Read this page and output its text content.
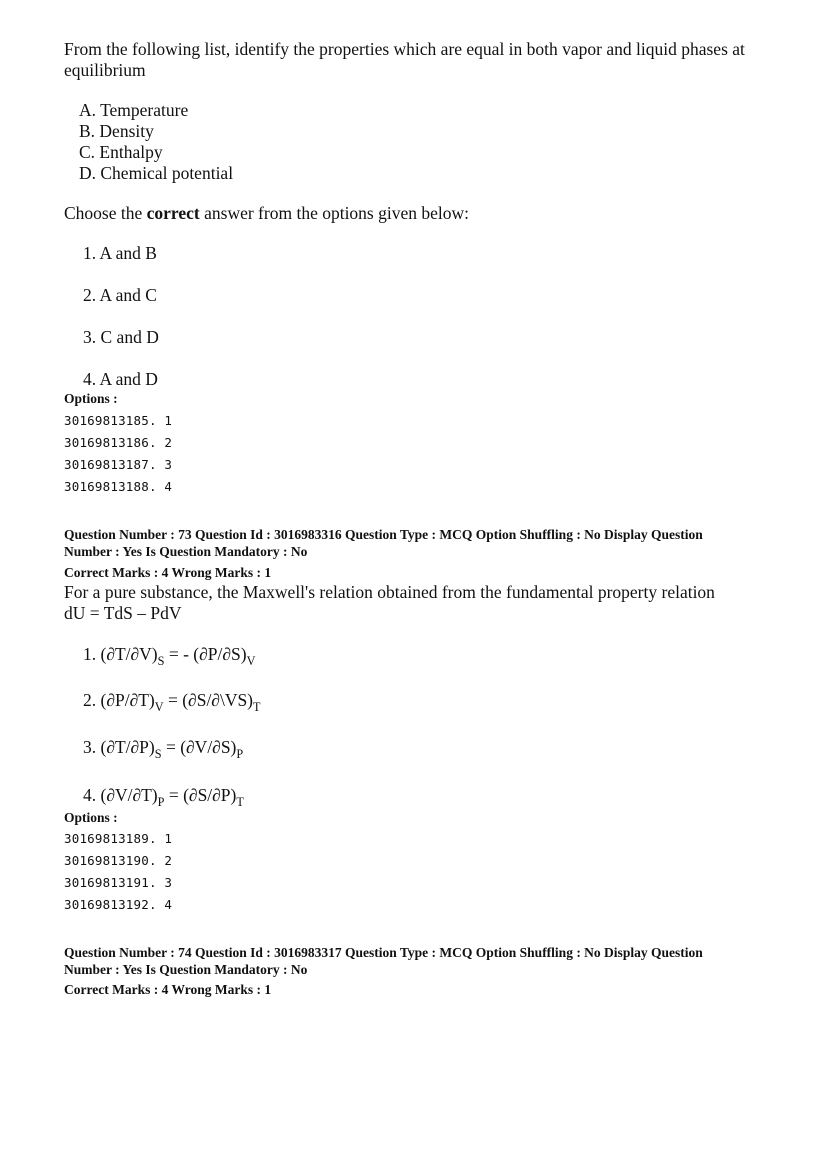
From the following list, identify the properties which are equal in both vapor and liquid phases at
equilibrium
A. Temperature
B. Density
C. Enthalpy
D. Chemical potential
Choose the correct answer from the options given below:
1. A and B
2. A and C
3. C and D
4. A and D
Options :
30169813185. 1
30169813186. 2
30169813187. 3
30169813188. 4
Question Number : 73 Question Id : 3016983316 Question Type : MCQ Option Shuffling : No Display Question
Number : Yes Is Question Mandatory : No
Correct Marks : 4 Wrong Marks : 1
For a pure substance, the Maxwell's relation obtained from the fundamental property relation
dU = TdS – PdV
1. $(\partial T/\partial V)_S$ = - $(\partial P/\partial S)_V$
2. $(\partial P/\partial T)_V$ = $(\partial S/\partial\backslash VS)_T$
3. $(\partial T/\partial P)_S = (\partial V/\partial S)_P$
4. $(\partial V/\partial T)_P = (\partial S/\partial P)_T$
Options :
30169813189. 1
30169813190. 2
30169813191. 3
30169813192. 4
Question Number : 74 Question Id : 3016983317 Question Type : MCQ Option Shuffling : No Display Question
Number : Yes Is Question Mandatory : No
Correct Marks : 4 Wrong Marks : 1
